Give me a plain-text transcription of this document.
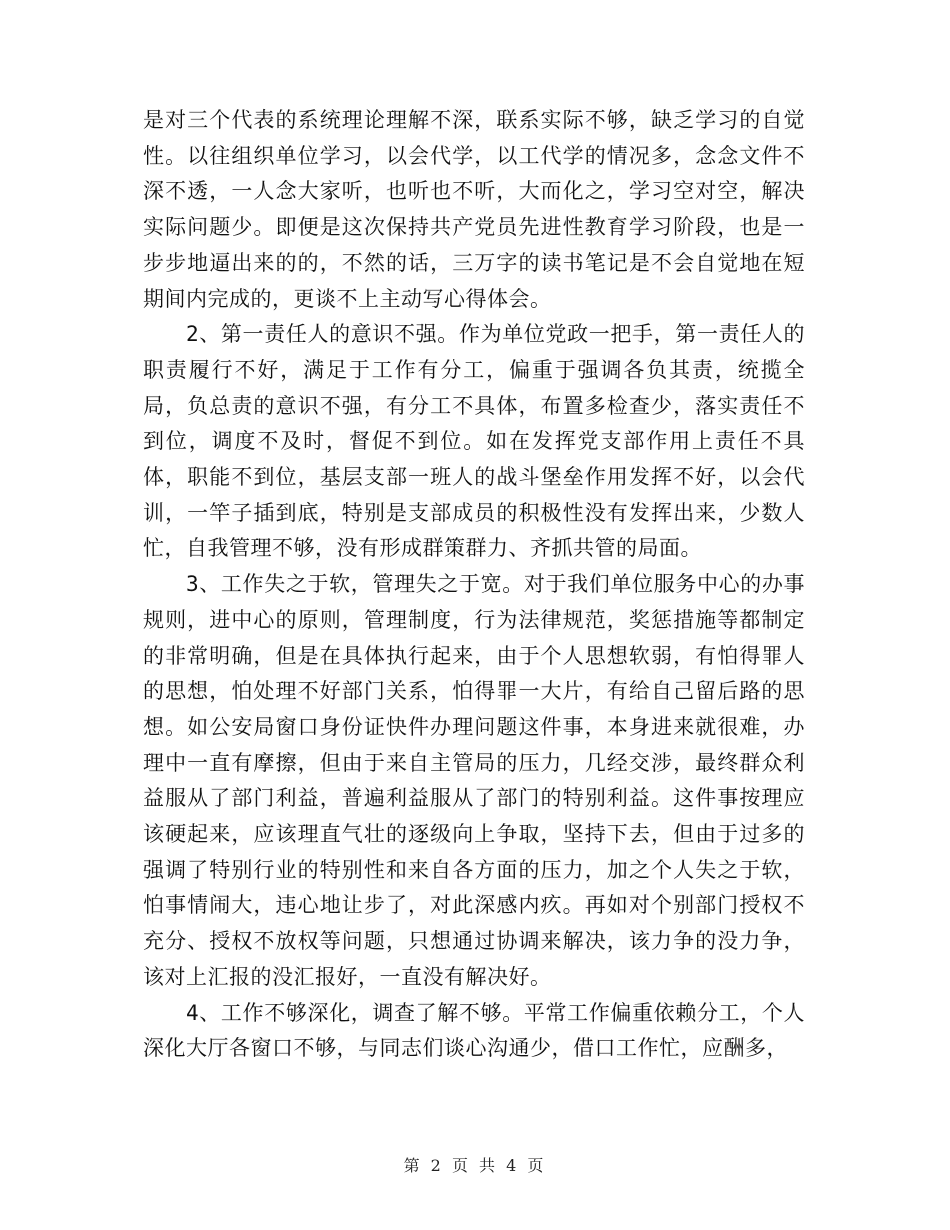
是对三个代表的系统理论理解不深，联系实际不够，缺乏学习的自觉性。以往组织单位学习，以会代学，以工代学的情况多，念念文件不深不透，一人念大家听，也听也不听，大而化之，学习空对空，解决实际问题少。即便是这次保持共产党员先进性教育学习阶段，也是一步步地逼出来的的，不然的话，三万字的读书笔记是不会自觉地在短期间内完成的，更谈不上主动写心得体会。

2、第一责任人的意识不强。作为单位党政一把手，第一责任人的职责履行不好，满足于工作有分工，偏重于强调各负其责，统揽全局，负总责的意识不强，有分工不具体，布置多检查少，落实责任不到位，调度不及时，督促不到位。如在发挥党支部作用上责任不具体，职能不到位，基层支部一班人的战斗堡垒作用发挥不好，以会代训，一竿子插到底，特别是支部成员的积极性没有发挥出来，少数人忙，自我管理不够，没有形成群策群力、齐抓共管的局面。

3、工作失之于软，管理失之于宽。对于我们单位服务中心的办事规则，进中心的原则，管理制度，行为法律规范，奖惩措施等都制定的非常明确，但是在具体执行起来，由于个人思想软弱，有怕得罪人的思想，怕处理不好部门关系，怕得罪一大片，有给自己留后路的思想。如公安局窗口身份证快件办理问题这件事，本身进来就很难，办理中一直有摩擦，但由于来自主管局的压力，几经交涉，最终群众利益服从了部门利益，普遍利益服从了部门的特别利益。这件事按理应该硬起来，应该理直气壮的逐级向上争取，坚持下去，但由于过多的强调了特别行业的特别性和来自各方面的压力，加之个人失之于软，怕事情闹大，违心地让步了，对此深感内疚。再如对个别部门授权不充分、授权不放权等问题，只想通过协调来解决，该力争的没力争，该对上汇报的没汇报好，一直没有解决好。

4、工作不够深化，调查了解不够。平常工作偏重依赖分工，个人深化大厅各窗口不够，与同志们谈心沟通少，借口工作忙，应酬多，

第 2 页 共 4 页
